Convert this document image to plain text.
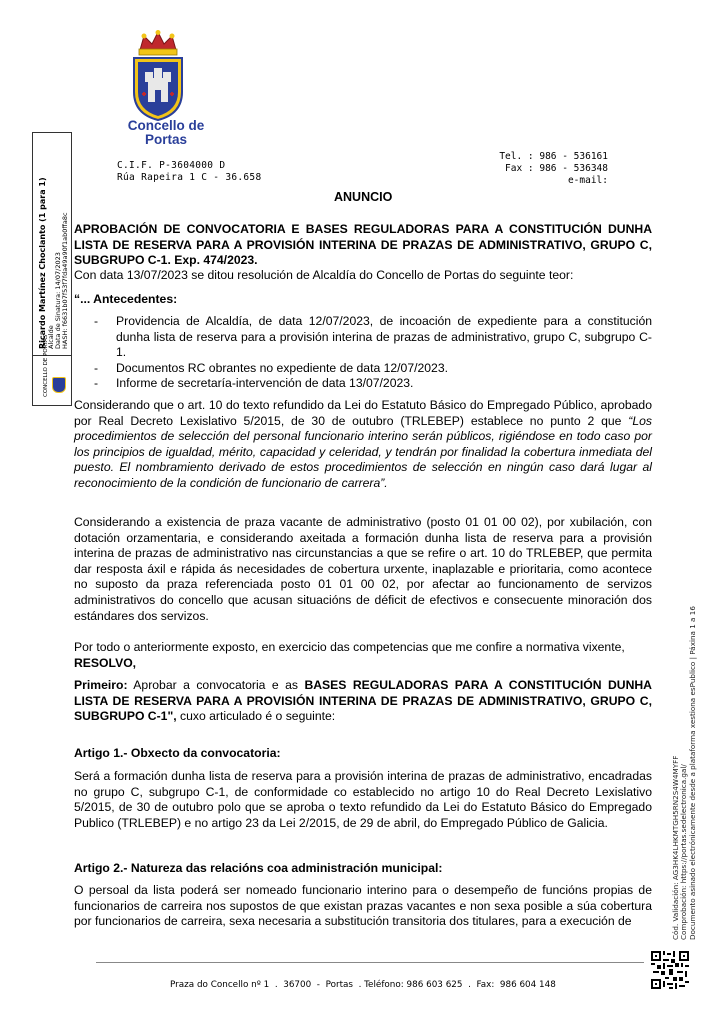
Concello de
Portas
C.I.F. P-3604000 D
Rúa Rapeira 1 C - 36.658
Tel. : 986 - 536161
Fax : 986 - 536348
e-mail:
Ricardo Martínez Choclanto (1 para 1) Alcalde Data de Sinatura: 14/07/2023 HASH: f6631b07f53f7fda49a90f1ab0ffa8c
CONCELLO DE PORTAS
ANUNCIO
APROBACIÓN DE CONVOCATORIA E BASES REGULADORAS PARA A CONSTITUCIÓN DUNHA LISTA DE RESERVA PARA A PROVISIÓN INTERINA DE PRAZAS DE ADMINISTRATIVO, GRUPO C, SUBGRUPO C-1. Exp. 474/2023.
Con data 13/07/2023 se ditou resolución de Alcaldía do Concello de Portas do seguinte teor:
“... Antecedentes:
- Providencia de Alcaldía, de data 12/07/2023, de incoación de expediente para a constitución dunha lista de reserva para a provisión interina de prazas de administrativo, grupo C, subgrupo C-1.
- Documentos RC obrantes no expediente de data 12/07/2023.
- Informe de secretaría-intervención de data 13/07/2023.
Considerando que o art. 10 do texto refundido da Lei do Estatuto Básico do Empregado Público, aprobado por Real Decreto Lexislativo 5/2015, de 30 de outubro (TRLEBEP) establece no punto 2 que “Los procedimientos de selección del personal funcionario interino serán públicos, rigiéndose en todo caso por los principios de igualdad, mérito, capacidad y celeridad, y tendrán por finalidad la cobertura inmediata del puesto. El nombramiento derivado de estos procedimientos de selección en ningún caso dará lugar al reconocimiento de la condición de funcionario de carrera”.
Considerando a existencia de praza vacante de administrativo (posto 01 01 00 02), por xubilación, con dotación orzamentaria, e considerando axeitada a formación dunha lista de reserva para a provisión interina de prazas de administrativo nas circunstancias a que se refire o art. 10 do TRLEBEP, que permita dar resposta áxil e rápida ás necesidades de cobertura urxente, inaplazable e prioritaria, como acontece no suposto da praza referenciada posto 01 01 00 02, por afectar ao funcionamento de servizos administrativos do concello que acusan situacións de déficit de efectivos e consecuente minoración dos estándares dos servizos.
Por todo o anteriormente exposto, en exercicio das competencias que me confire a normativa vixente,
RESOLVO,
Primeiro: Aprobar a convocatoria e as BASES REGULADORAS PARA A CONSTITUCIÓN DUNHA LISTA DE RESERVA PARA A PROVISIÓN INTERINA DE PRAZAS DE ADMINISTRATIVO, GRUPO C, SUBGRUPO C-1", cuxo articulado é o seguinte:
Artigo 1.- Obxecto da convocatoria:
Será a formación dunha lista de reserva para a provisión interina de prazas de administrativo, encadradas no grupo C, subgrupo C-1, de conformidade co establecido no artigo 10 do Real Decreto Lexislativo 5/2015, de 30 de outubro polo que se aproba o texto refundido da Lei do Estatuto Básico do Empregado Publico (TRLEBEP) e no artigo 23 da Lei 2/2015, de 29 de abril, do Empregado Público de Galicia.
Artigo 2.- Natureza das relacións coa administración municipal:
O persoal da lista poderá ser nomeado funcionario interino para o desempeño de funcións propias de funcionarios de carreira nos supostos de que existan prazas vacantes e non sexa posible a súa cobertura por funcionarios de carreira, sexa necesaria a substitución transitoria dos titulares, para a execución de	Cód. Validación: AG3HK4LHKMTGH5RN2S4W4MYFF Comprobación: https://portas.sedelectronica.gal/ Documento asinado electrónicamente desde a plataforma xestiona esPublico | Páxina 1 a 16
Praza do Concello nº 1  .  36700  -  Portas  . Teléfono: 986 603 625  .  Fax:  986 604 148
